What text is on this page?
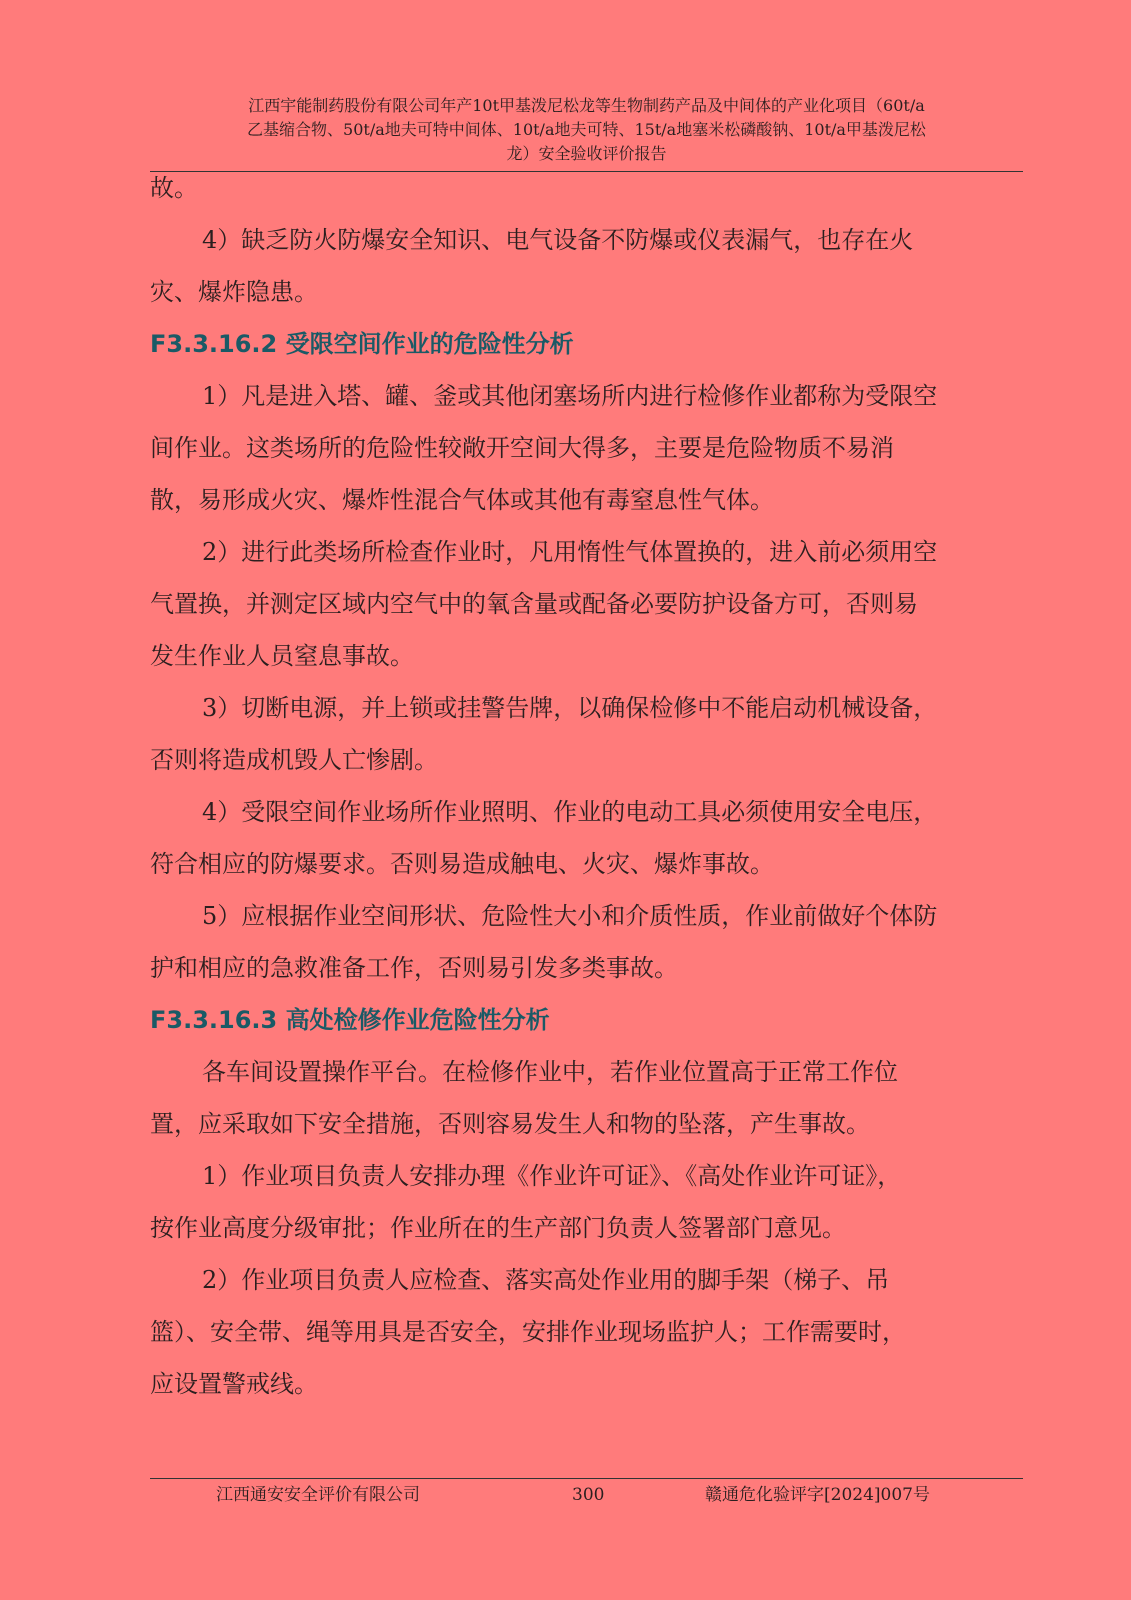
江西宇能制药股份有限公司年产10t甲基泼尼松龙等生物制药产品及中间体的产业化项目（60t/a
乙基缩合物、50t/a地夫可特中间体、10t/a地夫可特、15t/a地塞米松磷酸钠、10t/a甲基泼尼松
龙）安全验收评价报告
故。
4）缺乏防火防爆安全知识、电气设备不防爆或仪表漏气，也存在火
灾、爆炸隐患。
F3.3.16.2 受限空间作业的危险性分析
1）凡是进入塔、罐、釜或其他闭塞场所内进行检修作业都称为受限空
间作业。这类场所的危险性较敞开空间大得多，主要是危险物质不易消
散，易形成火灾、爆炸性混合气体或其他有毒窒息性气体。
2）进行此类场所检查作业时，凡用惰性气体置换的，进入前必须用空
气置换，并测定区域内空气中的氧含量或配备必要防护设备方可，否则易
发生作业人员窒息事故。
3）切断电源，并上锁或挂警告牌，以确保检修中不能启动机械设备，
否则将造成机毁人亡惨剧。
4）受限空间作业场所作业照明、作业的电动工具必须使用安全电压，
符合相应的防爆要求。否则易造成触电、火灾、爆炸事故。
5）应根据作业空间形状、危险性大小和介质性质，作业前做好个体防
护和相应的急救准备工作，否则易引发多类事故。
F3.3.16.3 高处检修作业危险性分析
各车间设置操作平台。在检修作业中，若作业位置高于正常工作位
置，应采取如下安全措施，否则容易发生人和物的坠落，产生事故。
1）作业项目负责人安排办理《作业许可证》、《高处作业许可证》，
按作业高度分级审批；作业所在的生产部门负责人签署部门意见。
2）作业项目负责人应检查、落实高处作业用的脚手架（梯子、吊
篮）、安全带、绳等用具是否安全，安排作业现场监护人；工作需要时，
应设置警戒线。
江西通安安全评价有限公司	300	赣通危化验评字[2024]007号
